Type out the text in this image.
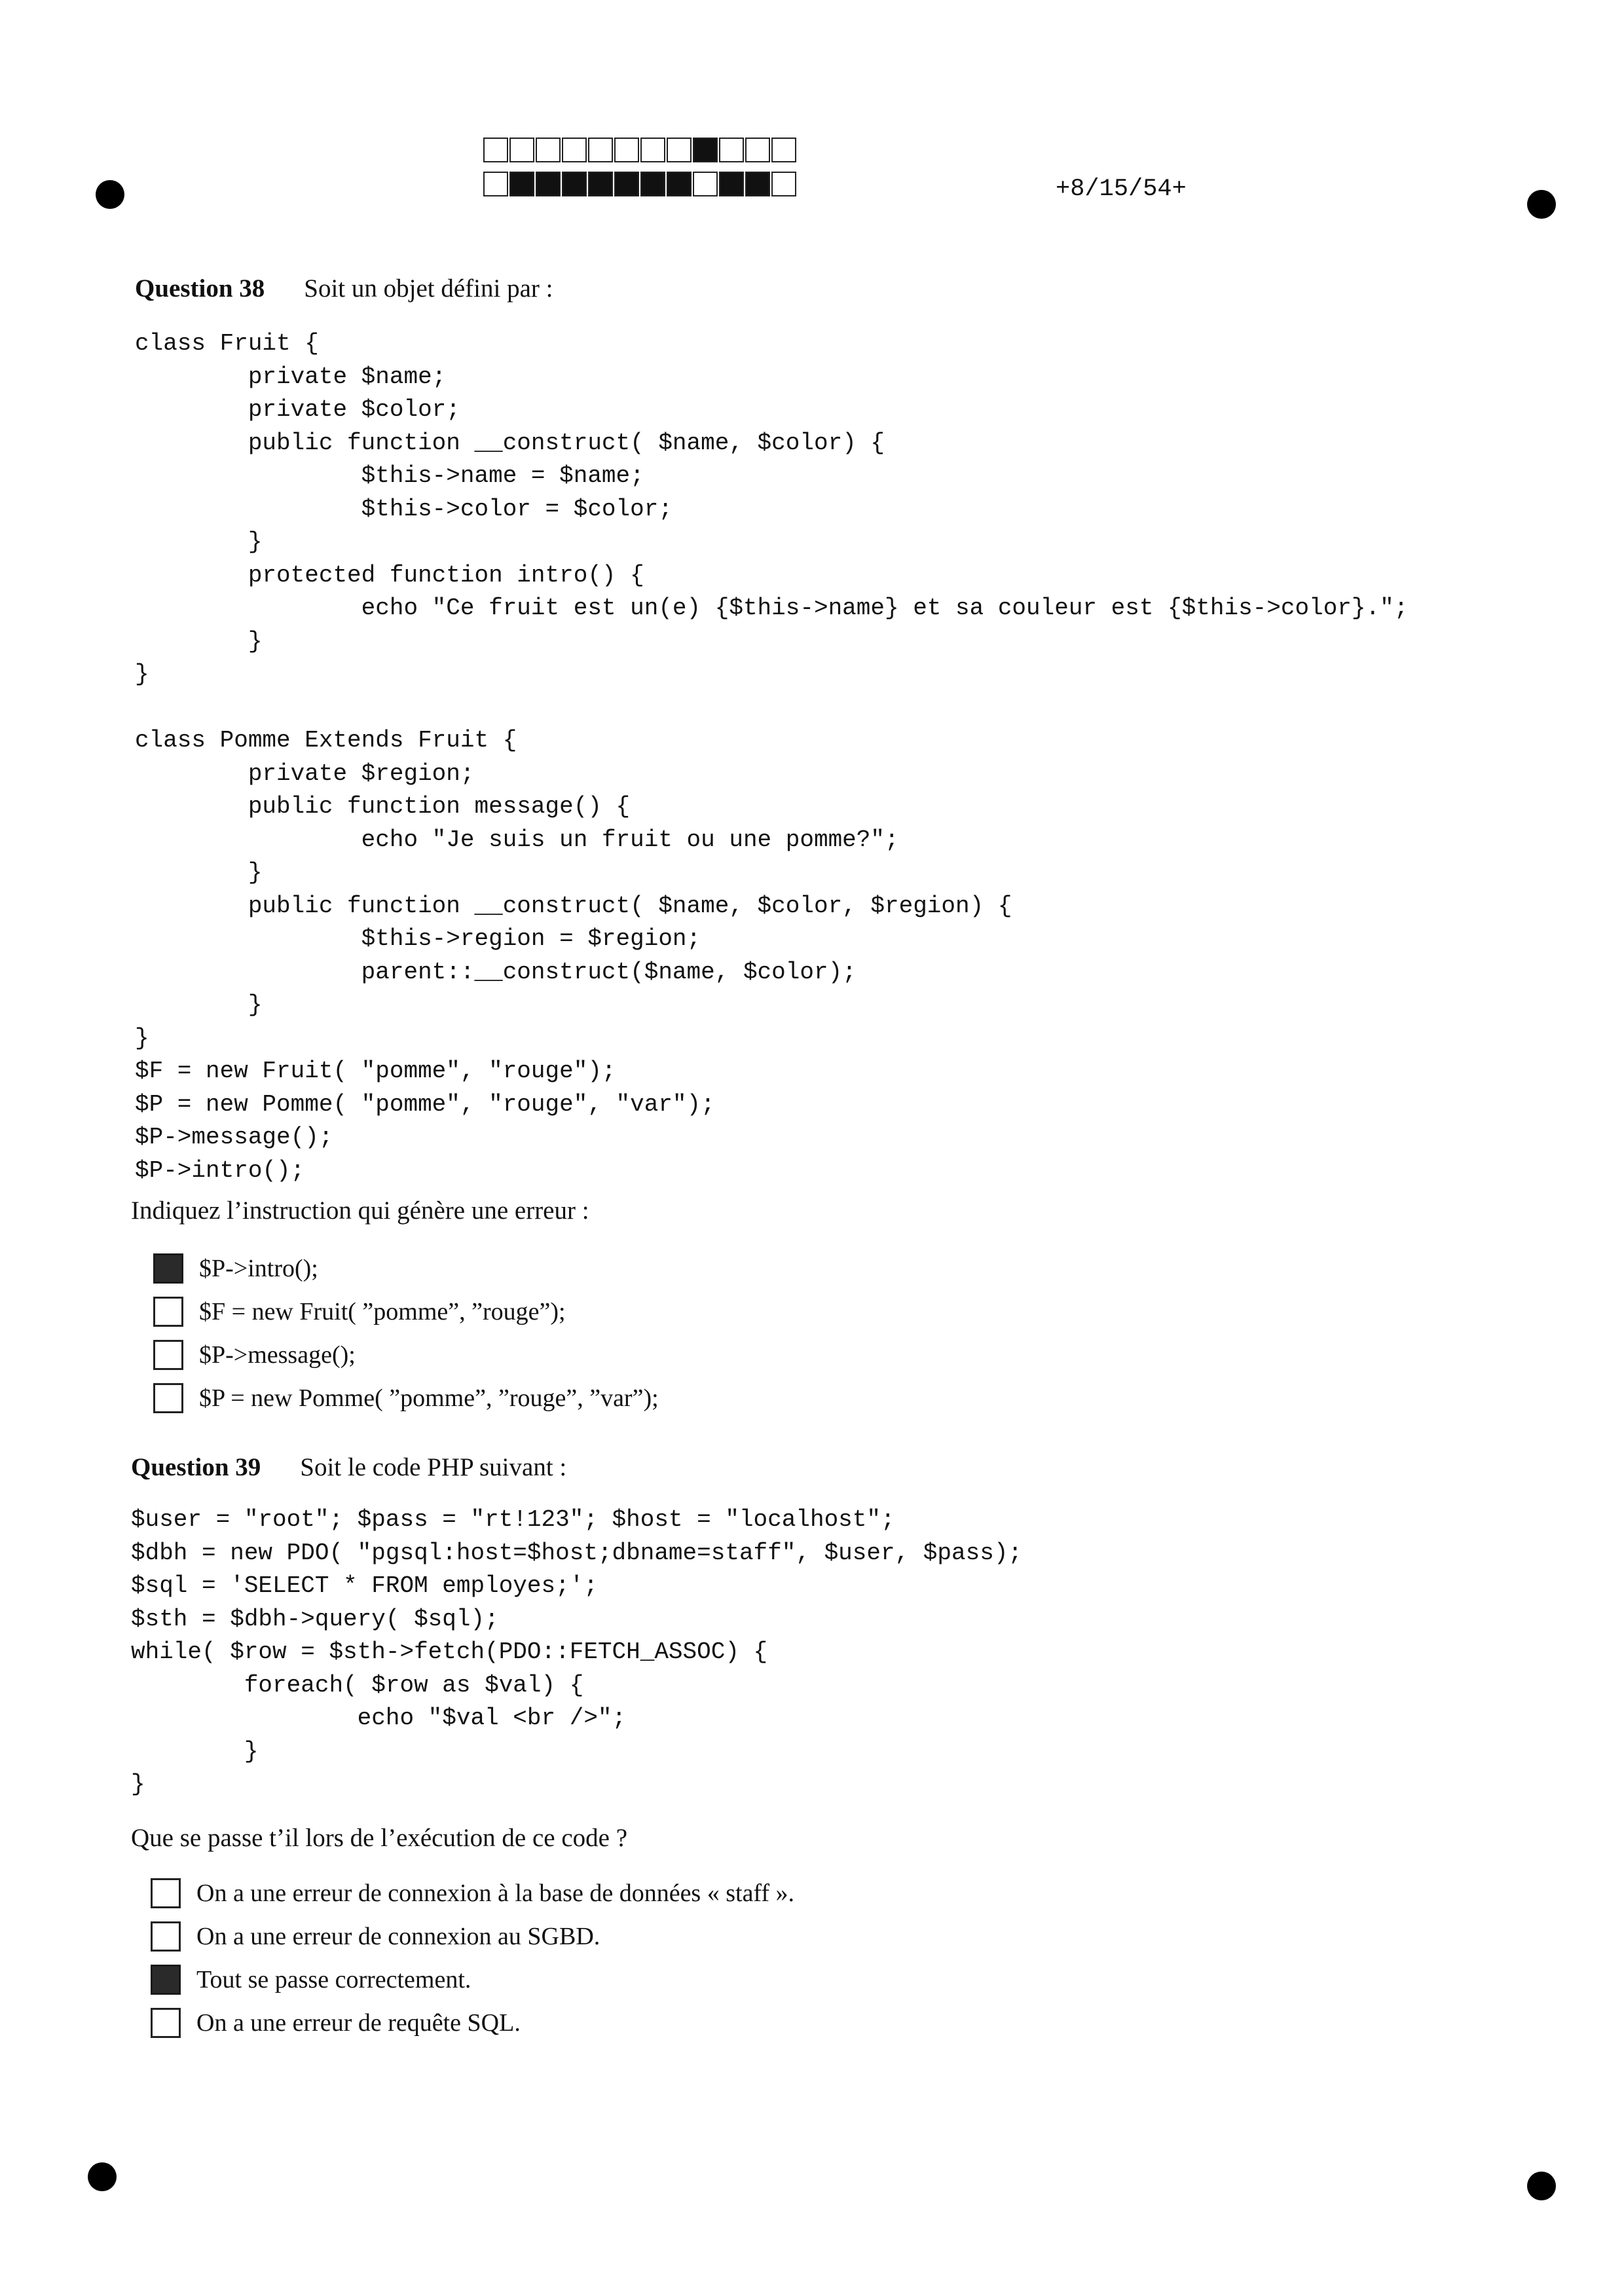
+8/15/54+
Question 38 Soit un objet défini par :
class Fruit {
private $name;
private $color;
public function __construct( $name, $color) {
$this->name = $name;
$this->color = $color;
}
protected function intro() {
echo "Ce fruit est un(e) {$this->name} et sa couleur est {$this->color}.";
}
}

class Pomme Extends Fruit {
private $region;
public function message() {
echo "Je suis un fruit ou une pomme?";
}
public function __construct( $name, $color, $region) {
$this->region = $region;
parent::__construct($name, $color);
}
}
$F = new Fruit( "pomme", "rouge");
$P = new Pomme( "pomme", "rouge", "var");
$P->message();
$P->intro();
Indiquez l’instruction qui génère une erreur :
$P->intro();
$F = new Fruit( ”pomme”, ”rouge”);
$P->message();
$P = new Pomme( ”pomme”, ”rouge”, ”var”);
Question 39 Soit le code PHP suivant :
$user = "root"; $pass = "rt!123"; $host = "localhost";
$dbh = new PDO( "pgsql:host=$host;dbname=staff", $user, $pass);
$sql = 'SELECT * FROM employes;';
$sth = $dbh->query( $sql);
while( $row = $sth->fetch(PDO::FETCH_ASSOC) {
foreach( $row as $val) {
echo "$val <br />";
}
}
Que se passe t’il lors de l’exécution de ce code ?
On a une erreur de connexion à la base de données « staff ».
On a une erreur de connexion au SGBD.
Tout se passe correctement.
On a une erreur de requête SQL.
